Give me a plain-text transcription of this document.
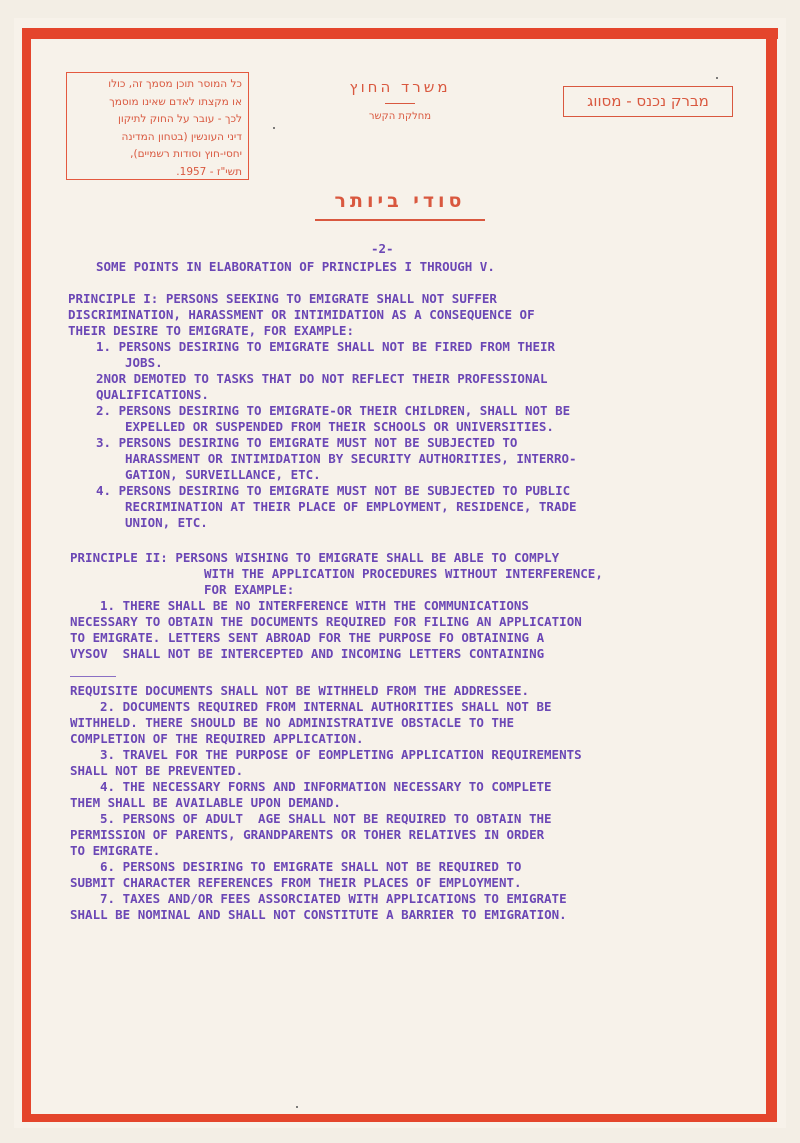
כל המוסר תוכן מסמך זה, כולו
או מקצתו לאדם שאינו מוסמך
לכך - עובר על החוק לתיקון
דיני העונשין (בטחון המדינה
יחסי-חוץ וסודות רשמיים),
תשי"ז - 1957.
משרד החוץ
מחלקת הקשר
מברק נכנס - מסווג
סודי ביותר
-2-
SOME POINTS IN ELABORATION OF PRINCIPLES I THROUGH V.
PRINCIPLE I: PERSONS SEEKING TO EMIGRATE SHALL NOT SUFFER
DISCRIMINATION, HARASSMENT OR INTIMIDATION AS A CONSEQUENCE OF
THEIR DESIRE TO EMIGRATE, FOR EXAMPLE:
1. PERSONS DESIRING TO EMIGRATE SHALL NOT BE FIRED FROM THEIR
JOBS.
2NOR DEMOTED TO TASKS THAT DO NOT REFLECT THEIR PROFESSIONAL
QUALIFICATIONS.
2. PERSONS DESIRING TO EMIGRATE-OR THEIR CHILDREN, SHALL NOT BE
EXPELLED OR SUSPENDED FROM THEIR SCHOOLS OR UNIVERSITIES.
3. PERSONS DESIRING TO EMIGRATE MUST NOT BE SUBJECTED TO
HARASSMENT OR INTIMIDATION BY SECURITY AUTHORITIES, INTERRO-
GATION, SURVEILLANCE, ETC.
4. PERSONS DESIRING TO EMIGRATE MUST NOT BE SUBJECTED TO PUBLIC
RECRIMINATION AT THEIR PLACE OF EMPLOYMENT, RESIDENCE, TRADE
UNION, ETC.
PRINCIPLE II: PERSONS WISHING TO EMIGRATE SHALL BE ABLE TO COMPLY
WITH THE APPLICATION PROCEDURES WITHOUT INTERFERENCE,
FOR EXAMPLE:
1. THERE SHALL BE NO INTERFERENCE WITH THE COMMUNICATIONS
NECESSARY TO OBTAIN THE DOCUMENTS REQUIRED FOR FILING AN APPLICATION
TO EMIGRATE. LETTERS SENT ABROAD FOR THE PURPOSE FO OBTAINING A
VYSOV  SHALL NOT BE INTERCEPTED AND INCOMING LETTERS CONTAINING
REQUISITE DOCUMENTS SHALL NOT BE WITHHELD FROM THE ADDRESSEE.
2. DOCUMENTS REQUIRED FROM INTERNAL AUTHORITIES SHALL NOT BE
WITHHELD. THERE SHOULD BE NO ADMINISTRATIVE OBSTACLE TO THE
COMPLETION OF THE REQUIRED APPLICATION.
3. TRAVEL FOR THE PURPOSE OF EOMPLETING APPLICATION REQUIREMENTS
SHALL NOT BE PREVENTED.
4. THE NECESSARY FORNS AND INFORMATION NECESSARY TO COMPLETE
THEM SHALL BE AVAILABLE UPON DEMAND.
5. PERSONS OF ADULT  AGE SHALL NOT BE REQUIRED TO OBTAIN THE
PERMISSION OF PARENTS, GRANDPARENTS OR TOHER RELATIVES IN ORDER
TO EMIGRATE.
6. PERSONS DESIRING TO EMIGRATE SHALL NOT BE REQUIRED TO
SUBMIT CHARACTER REFERENCES FROM THEIR PLACES OF EMPLOYMENT.
7. TAXES AND/OR FEES ASSORCIATED WITH APPLICATIONS TO EMIGRATE
SHALL BE NOMINAL AND SHALL NOT CONSTITUTE A BARRIER TO EMIGRATION.
